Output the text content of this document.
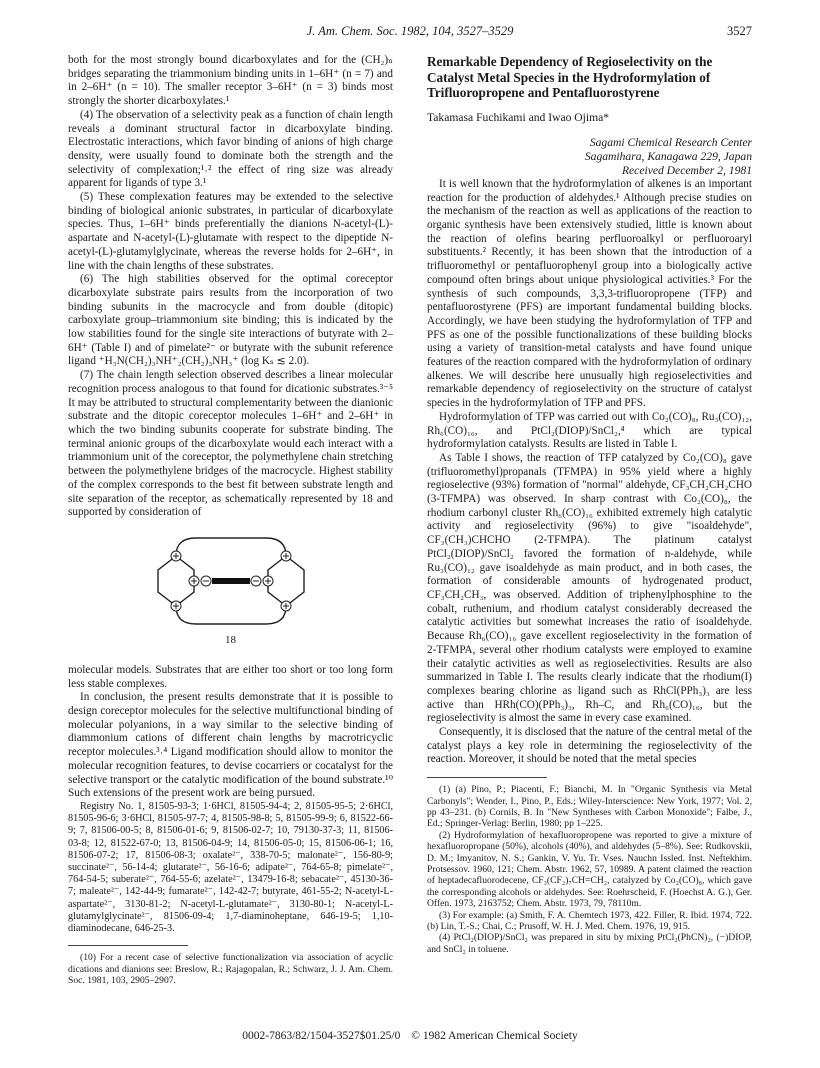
J. Am. Chem. Soc. 1982, 104, 3527–3529	3527

both for the most strongly bound dicarboxylates and for the (CH₂)ₙ bridges separating the triammonium binding units in 1–6H⁺ (n = 7) and in 2–6H⁺ (n = 10). The smaller receptor 3–6H⁺ (n = 3) binds most strongly the shorter dicarboxylates.¹

(4) The observation of a selectivity peak as a function of chain length reveals a dominant structural factor in dicarboxylate binding. Electrostatic interactions, which favor binding of anions of high charge density, were usually found to dominate both the strength and the selectivity of complexation;¹˒² the effect of ring size was already apparent for ligands of type 3.¹

(5) These complexation features may be extended to the selective binding of biological anionic substrates, in particular of dicarboxylate species. Thus, 1–6H⁺ binds preferentially the dianions N-acetyl-(L)-aspartate and N-acetyl-(L)-glutamate with respect to the dipeptide N-acetyl-(L)-glutamylglycinate, whereas the reverse holds for 2–6H⁺, in line with the chain lengths of these substrates.

(6) The high stabilities observed for the optimal coreceptor dicarboxylate substrate pairs results from the incorporation of two binding subunits in the macrocycle and from double (ditopic) carboxylate group–triammonium site binding; this is indicated by the low stabilities found for the single site interactions of butyrate with 2–6H⁺ (Table I) and of pimelate²⁻ or butyrate with the subunit reference ligand ⁺H₃N(CH₂)₃NH⁺₂(CH₂)₃NH₃⁺ (log Kₛ ≲ 2.0).

(7) The chain length selection observed describes a linear molecular recognition process analogous to that found for dicationic substrates.³⁻⁵ It may be attributed to structural complementarity between the dianionic substrate and the ditopic coreceptor molecules 1–6H⁺ and 2–6H⁺ in which the two binding subunits cooperate for substrate binding. The terminal anionic groups of the dicarboxylate would each interact with a triammonium unit of the coreceptor, the polymethylene chain stretching between the polymethylene bridges of the macrocycle. Highest stability of the complex corresponds to the best fit between substrate length and site separation of the receptor, as schematically represented by 18 and supported by consideration of

18

molecular models. Substrates that are either too short or too long form less stable complexes.

In conclusion, the present results demonstrate that it is possible to design coreceptor molecules for the selective multifunctional binding of molecular polyanions, in a way similar to the selective binding of diammonium cations of different chain lengths by macrotricyclic receptor molecules.³˒⁴ Ligand modification should allow to monitor the molecular recognition features, to devise cocarriers or cocatalyst for the selective transport or the catalytic modification of the bound substrate.¹⁰ Such extensions of the present work are being pursued.

Registry No. 1, 81505-93-3; 1·6HCl, 81505-94-4; 2, 81505-95-5; 2·6HCl, 81505-96-6; 3·6HCl, 81505-97-7; 4, 81505-98-8; 5, 81505-99-9; 6, 81522-66-9; 7, 81506-00-5; 8, 81506-01-6; 9, 81506-02-7; 10, 79130-37-3; 11, 81506-03-8; 12, 81522-67-0; 13, 81506-04-9; 14, 81506-05-0; 15, 81506-06-1; 16, 81506-07-2; 17, 81506-08-3; oxalate²⁻, 338-70-5; malonate²⁻, 156-80-9; succinate²⁻, 56-14-4; glutarate²⁻, 56-16-6; adipate²⁻, 764-65-8; pimelate²⁻, 764-54-5; suberate²⁻, 764-55-6; azelate²⁻, 13479-16-8; sebacate²⁻, 45130-36-7; maleate²⁻, 142-44-9; fumarate²⁻, 142-42-7; butyrate, 461-55-2; N-acetyl-L-aspartate²⁻, 3130-81-2; N-acetyl-L-glutamate²⁻, 3130-80-1; N-acetyl-L-glutamylglycinate²⁻, 81506-09-4; 1,7-diaminoheptane, 646-19-5; 1,10-diaminodecane, 646-25-3.

(10) For a recent case of selective functionalization via association of acyclic dications and dianions see: Breslow, R.; Rajagopalan, R.; Schwarz, J. J. Am. Chem. Soc. 1981, 103, 2905–2907.

Remarkable Dependency of Regioselectivity on the Catalyst Metal Species in the Hydroformylation of Trifluoropropene and Pentafluorostyrene
Takamasa Fuchikami and Iwao Ojima*

Sagami Chemical Research Center

Sagamihara, Kanagawa 229, Japan

Received December 2, 1981

It is well known that the hydroformylation of alkenes is an important reaction for the production of aldehydes.¹ Although precise studies on the mechanism of the reaction as well as applications of the reaction to organic synthesis have been extensively studied, little is known about the reaction of olefins bearing perfluoroalkyl or perfluoroaryl substituents.² Recently, it has been shown that the introduction of a trifluoromethyl or pentafluorophenyl group into a biologically active compound often brings about unique physiological activities.³ For the synthesis of such compounds, 3,3,3-trifluoropropene (TFP) and pentafluorostyrene (PFS) are important fundamental building blocks. Accordingly, we have been studying the hydroformylation of TFP and PFS as one of the possible functionalizations of these building blocks using a variety of transition-metal catalysts and have found unique features of the reaction compared with the hydroformylation of ordinary alkenes. We will describe here unusually high regioselectivities and remarkable dependency of regioselectivity on the structure of catalyst species in the hydroformylation of TFP and PFS.

Hydroformylation of TFP was carried out with Co₂(CO)₈, Ru₃(CO)₁₂, Rh₆(CO)₁₆, and PtCl₂(DIOP)/SnCl₂,⁴ which are typical hydroformylation catalysts. Results are listed in Table I.

As Table I shows, the reaction of TFP catalyzed by Co₂(CO)₈ gave (trifluoromethyl)propanals (TFMPA) in 95% yield where a highly regioselective (93%) formation of "normal" aldehyde, CF₃CH₂CH₂CHO (3-TFMPA) was observed. In sharp contrast with Co₂(CO)₈, the rhodium carbonyl cluster Rh₆(CO)₁₆ exhibited extremely high catalytic activity and regioselectivity (96%) to give "isoaldehyde", CF₃(CH₃)CHCHO (2-TFMPA). The platinum catalyst PtCl₂(DIOP)/SnCl₂ favored the formation of n-aldehyde, while Ru₃(CO)₁₂ gave isoaldehyde as main product, and in both cases, the formation of considerable amounts of hydrogenated product, CF₃CH₂CH₃, was observed. Addition of triphenylphosphine to the cobalt, ruthenium, and rhodium catalyst considerably decreased the catalytic activities but somewhat increases the ratio of isoaldehyde. Because Rh₆(CO)₁₆ gave excellent regioselectivity in the formation of 2-TFMPA, several other rhodium catalysts were employed to examine their catalytic activities as well as regioselectivities. Results are also summarized in Table I. The results clearly indicate that the rhodium(I) complexes bearing chlorine as ligand such as RhCl(PPh₃)₃ are less active than HRh(CO)(PPh₃)₃, Rh–C, and Rh₆(CO)₁₆, but the regioselectivity is almost the same in every case examined.

Consequently, it is disclosed that the nature of the central metal of the catalyst plays a key role in determining the regioselectivity of the reaction. Moreover, it should be noted that the metal species

(1) (a) Pino, P.; Piacenti, F.; Bianchi, M. In "Organic Synthesis via Metal Carbonyls"; Wender, I., Pino, P., Eds.; Wiley-Interscience: New York, 1977; Vol. 2, pp 43–231. (b) Cornils, B. In "New Syntheses with Carbon Monoxide"; Falbe, J., Ed.; Springer-Verlag: Berlin, 1980; pp 1–225.

(2) Hydroformylation of hexafluoropropene was reported to give a mixture of hexafluoropropane (50%), alcohols (40%), and aldehydes (5–8%). See: Rudkovskii, D. M.; Imyanitov, N. S.; Gankin, V. Yu. Tr. Vses. Nauchn Issled. Inst. Neftekhim. Protsessov. 1960, 121; Chem. Abstr. 1962, 57, 10989. A patent claimed the reaction of heptadecafluorodecene, CF₃(CF₂)₇CH=CH₂, catalyzed by Co₂(CO)₈, which gave the corresponding alcohols or aldehydes. See: Roehrscheid, F. (Hoechst A. G.), Ger. Offen. 1973, 2163752; Chem. Abstr. 1973, 79, 78110m.

(3) For example: (a) Smith, F. A. Chemtech 1973, 422. Filler, R. Ibid. 1974, 722. (b) Lin, T.-S.; Chai, C.; Prusoff, W. H. J. Med. Chem. 1976, 19, 915.

(4) PtCl₂(DIOP)/SnCl₂ was prepared in situ by mixing PtCl₂(PhCN)₂, (−)DIOP, and SnCl₂ in toluene.

0002-7863/82/1504-3527$01.25/0 © 1982 American Chemical Society
